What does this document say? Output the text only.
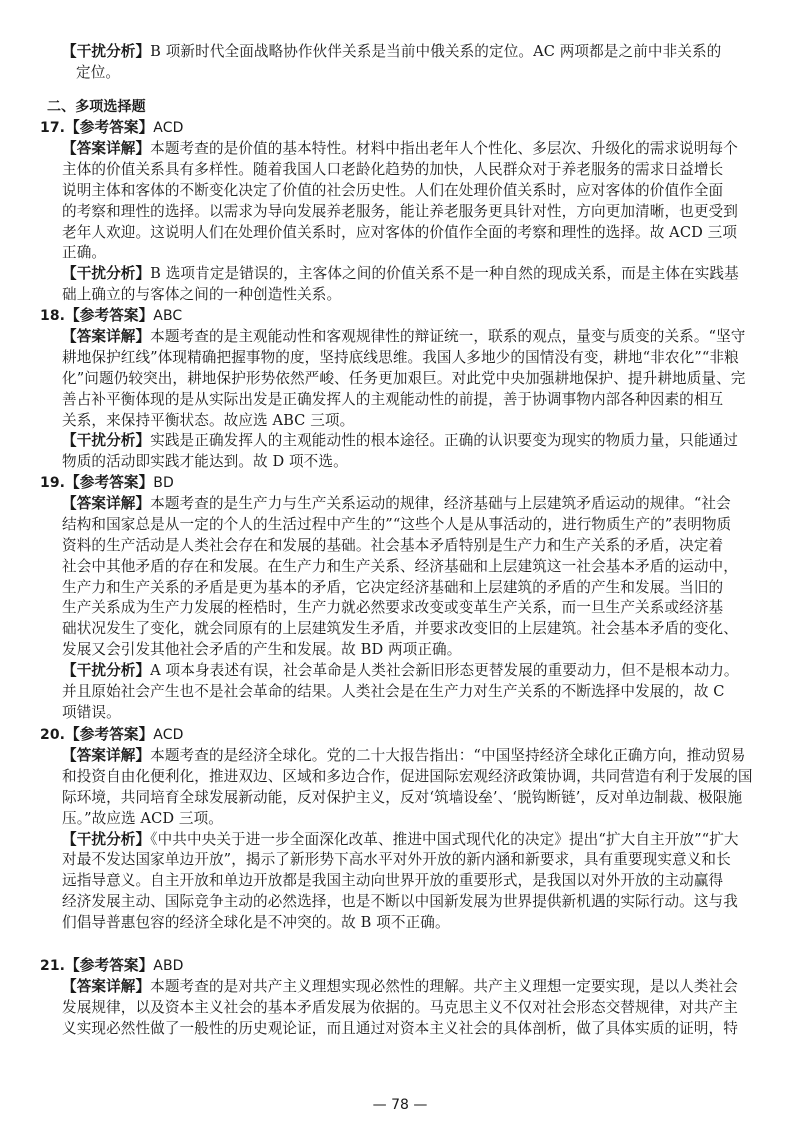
【干扰分析】B 项新时代全面战略协作伙伴关系是当前中俄关系的定位。AC 两项都是之前中非关系的
定位。
二、多项选择题
17.【参考答案】ACD
【答案详解】本题考查的是价值的基本特性。材料中指出老年人个性化、多层次、升级化的需求说明每个
主体的价值关系具有多样性。随着我国人口老龄化趋势的加快，人民群众对于养老服务的需求日益增长
说明主体和客体的不断变化决定了价值的社会历史性。人们在处理价值关系时，应对客体的价值作全面
的考察和理性的选择。以需求为导向发展养老服务，能让养老服务更具针对性，方向更加清晰，也更受到
老年人欢迎。这说明人们在处理价值关系时，应对客体的价值作全面的考察和理性的选择。故 ACD 三项
正确。
【干扰分析】B 选项肯定是错误的，主客体之间的价值关系不是一种自然的现成关系，而是主体在实践基
础上确立的与客体之间的一种创造性关系。
18.【参考答案】ABC
【答案详解】本题考查的是主观能动性和客观规律性的辩证统一，联系的观点，量变与质变的关系。“坚守
耕地保护红线”体现精确把握事物的度，坚持底线思维。我国人多地少的国情没有变，耕地“非农化”“非粮
化”问题仍较突出，耕地保护形势依然严峻、任务更加艰巨。对此党中央加强耕地保护、提升耕地质量、完
善占补平衡体现的是从实际出发是正确发挥人的主观能动性的前提，善于协调事物内部各种因素的相互
关系，来保持平衡状态。故应选 ABC 三项。
【干扰分析】实践是正确发挥人的主观能动性的根本途径。正确的认识要变为现实的物质力量，只能通过
物质的活动即实践才能达到。故 D 项不选。
19.【参考答案】BD
【答案详解】本题考查的是生产力与生产关系运动的规律，经济基础与上层建筑矛盾运动的规律。“社会
结构和国家总是从一定的个人的生活过程中产生的”“这些个人是从事活动的，进行物质生产的”表明物质
资料的生产活动是人类社会存在和发展的基础。社会基本矛盾特别是生产力和生产关系的矛盾，决定着
社会中其他矛盾的存在和发展。在生产力和生产关系、经济基础和上层建筑这一社会基本矛盾的运动中，
生产力和生产关系的矛盾是更为基本的矛盾，它决定经济基础和上层建筑的矛盾的产生和发展。当旧的
生产关系成为生产力发展的桎梏时，生产力就必然要求改变或变革生产关系，而一旦生产关系或经济基
础状况发生了变化，就会同原有的上层建筑发生矛盾，并要求改变旧的上层建筑。社会基本矛盾的变化、
发展又会引发其他社会矛盾的产生和发展。故 BD 两项正确。
【干扰分析】A 项本身表述有误，社会革命是人类社会新旧形态更替发展的重要动力，但不是根本动力。
并且原始社会产生也不是社会革命的结果。人类社会是在生产力对生产关系的不断选择中发展的，故 C
项错误。
20.【参考答案】ACD
【答案详解】本题考查的是经济全球化。党的二十大报告指出：“中国坚持经济全球化正确方向，推动贸易
和投资自由化便利化，推进双边、区域和多边合作，促进国际宏观经济政策协调，共同营造有利于发展的国
际环境，共同培育全球发展新动能，反对保护主义，反对‘筑墙设垒’、‘脱钩断链’，反对单边制裁、极限施
压。”故应选 ACD 三项。
【干扰分析】《中共中央关于进一步全面深化改革、推进中国式现代化的决定》提出“扩大自主开放”“扩大
对最不发达国家单边开放”，揭示了新形势下高水平对外开放的新内涵和新要求，具有重要现实意义和长
远指导意义。自主开放和单边开放都是我国主动向世界开放的重要形式，是我国以对外开放的主动赢得
经济发展主动、国际竞争主动的必然选择，也是不断以中国新发展为世界提供新机遇的实际行动。这与我
们倡导普惠包容的经济全球化是不冲突的。故 B 项不正确。
21.【参考答案】ABD
【答案详解】本题考查的是对共产主义理想实现必然性的理解。共产主义理想一定要实现，是以人类社会
发展规律，以及资本主义社会的基本矛盾发展为依据的。马克思主义不仅对社会形态交替规律，对共产主
义实现必然性做了一般性的历史观论证，而且通过对资本主义社会的具体剖析，做了具体实质的证明，特
— 78 —
